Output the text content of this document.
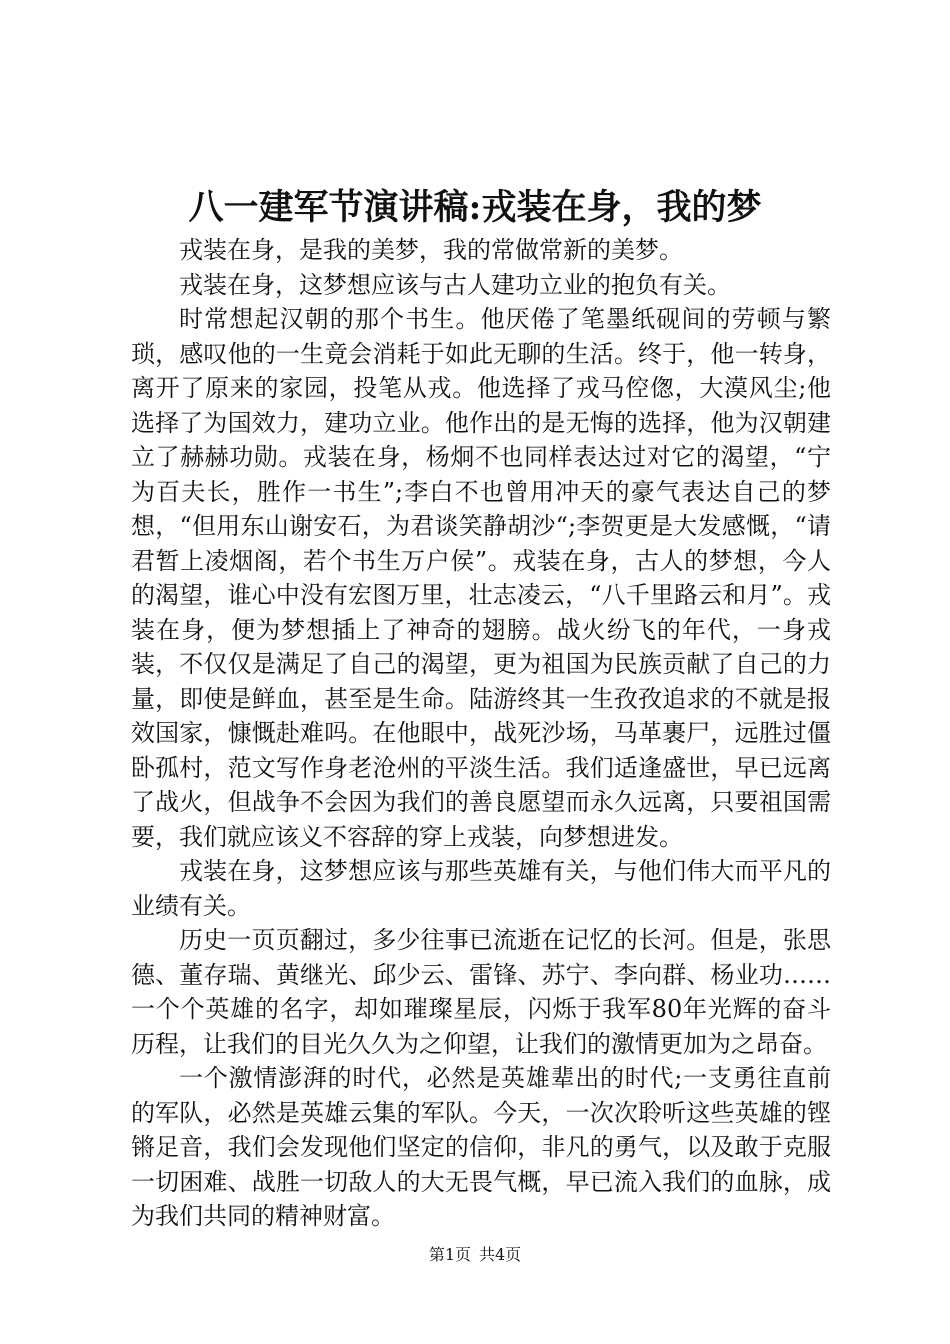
八一建军节演讲稿:戎装在身，我的梦

戎装在身，是我的美梦，我的常做常新的美梦。

戎装在身，这梦想应该与古人建功立业的抱负有关。

时常想起汉朝的那个书生。他厌倦了笔墨纸砚间的劳顿与繁琐，感叹他的一生竟会消耗于如此无聊的生活。终于，他一转身，离开了原来的家园，投笔从戎。他选择了戎马倥偬，大漠风尘;他选择了为国效力，建功立业。他作出的是无悔的选择，他为汉朝建立了赫赫功勋。戎装在身，杨炯不也同样表达过对它的渴望，“宁为百夫长，胜作一书生”;李白不也曾用冲天的豪气表达自己的梦想，“但用东山谢安石，为君谈笑静胡沙“;李贺更是大发感慨，“请君暂上凌烟阁，若个书生万户侯”。戎装在身，古人的梦想，今人的渴望，谁心中没有宏图万里，壮志凌云，“八千里路云和月”。戎装在身，便为梦想插上了神奇的翅膀。战火纷飞的年代，一身戎装，不仅仅是满足了自己的渴望，更为祖国为民族贡献了自己的力量，即使是鲜血，甚至是生命。陆游终其一生孜孜追求的不就是报效国家，慷慨赴难吗。在他眼中，战死沙场，马革裹尸，远胜过僵卧孤村，范文写作身老沧州的平淡生活。我们适逢盛世，早已远离了战火，但战争不会因为我们的善良愿望而永久远离，只要祖国需要，我们就应该义不容辞的穿上戎装，向梦想进发。

戎装在身，这梦想应该与那些英雄有关，与他们伟大而平凡的业绩有关。

历史一页页翻过，多少往事已流逝在记忆的长河。但是，张思德、董存瑞、黄继光、邱少云、雷锋、苏宁、李向群、杨业功……一个个英雄的名字，却如璀璨星辰，闪烁于我军80年光辉的奋斗历程，让我们的目光久久为之仰望，让我们的激情更加为之昂奋。

一个激情澎湃的时代，必然是英雄辈出的时代;一支勇往直前的军队，必然是英雄云集的军队。今天，一次次聆听这些英雄的铿锵足音，我们会发现他们坚定的信仰，非凡的勇气，以及敢于克服一切困难、战胜一切敌人的大无畏气概，早已流入我们的血脉，成为我们共同的精神财富。

第1页 共4页
